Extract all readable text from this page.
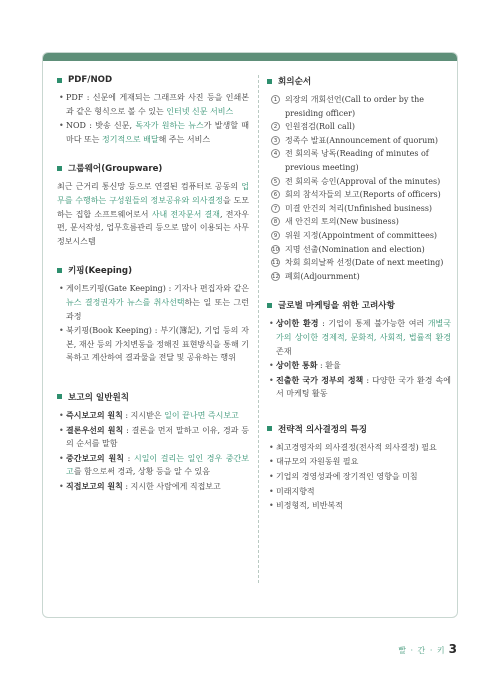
PDF/NOD
• PDF : 신문에 게재되는 그래프와 사진 등을 인쇄본과 같은 형식으로 볼 수 있는 인터넷 신문 서비스
• NOD : 밧송 신문, 독자가 원하는 뉴스가 발생할 때마다 또는 정기적으로 배달해 주는 서비스
그룹웨어(Groupware)
최근 근거리 통신망 등으로 연결된 컴퓨터로 공동의 업무를 수행하는 구성원들의 정보공유와 의사결정을 도모하는 집합 소프트웨어로서 사내 전자문서 결재, 전자우편, 문서작성, 업무흐름관리 등으로 많이 이용되는 사무정보시스템
키핑(Keeping)
• 게이트키핑(Gate Keeping) : 기자나 편집자와 같은 뉴스 결정권자가 뉴스를 취사선택하는 일 또는 그런 과정
• 북키핑(Book Keeping) : 부기(簿記), 기업 등의 자본, 재산 등의 가치변동을 정해진 표현방식을 통해 기록하고 계산하여 결과물을 전달 및 공유하는 행위
보고의 일반원칙
• 즉시보고의 원칙 : 지시받은 일이 끝나면 즉시보고
• 결론우선의 원칙 : 결론을 먼저 말하고 이유, 경과 등의 순서를 말함
• 중간보고의 원칙 : 시일이 걸리는 일인 경우 중간보고를 함으로써 경과, 상황 등을 알 수 있음
• 직접보고의 원칙 : 지시한 사람에게 직접보고
회의순서
1 의장의 개회선언(Call to order by the presiding officer)
2 인원점검(Roll call)
3 정족수 발표(Announcement of quorum)
4 전 회의록 낭독(Reading of minutes of previous meeting)
5 전 회의록 승인(Approval of the minutes)
6 회의 참석자들의 보고(Reports of officers)
7 미결 안건의 처리(Unfinished business)
8 새 안건의 토의(New business)
9 위원 지정(Appointment of committees)
10 지명 선출(Nomination and election)
11 차회 회의날짜 선정(Date of next meeting)
12 폐회(Adjournment)
글로벌 마케팅을 위한 고려사항
• 상이한 환경 : 기업이 통제 불가능한 여러 개별국가의 상이한 경제적, 문화적, 사회적, 법률적 환경 존재
• 상이한 통화 : 환율
• 진출한 국가 정부의 정책 : 다양한 국가 환경 속에서 마케팅 활동
전략적 의사결정의 특징
• 최고경영자의 의사결정(전사적 의사결정) 필요
• 대규모의 자원동원 필요
• 기업의 경영성과에 장기적인 영향을 미침
• 미래지향적
• 비정형적, 비반복적
빨 · 간 · 키 3
